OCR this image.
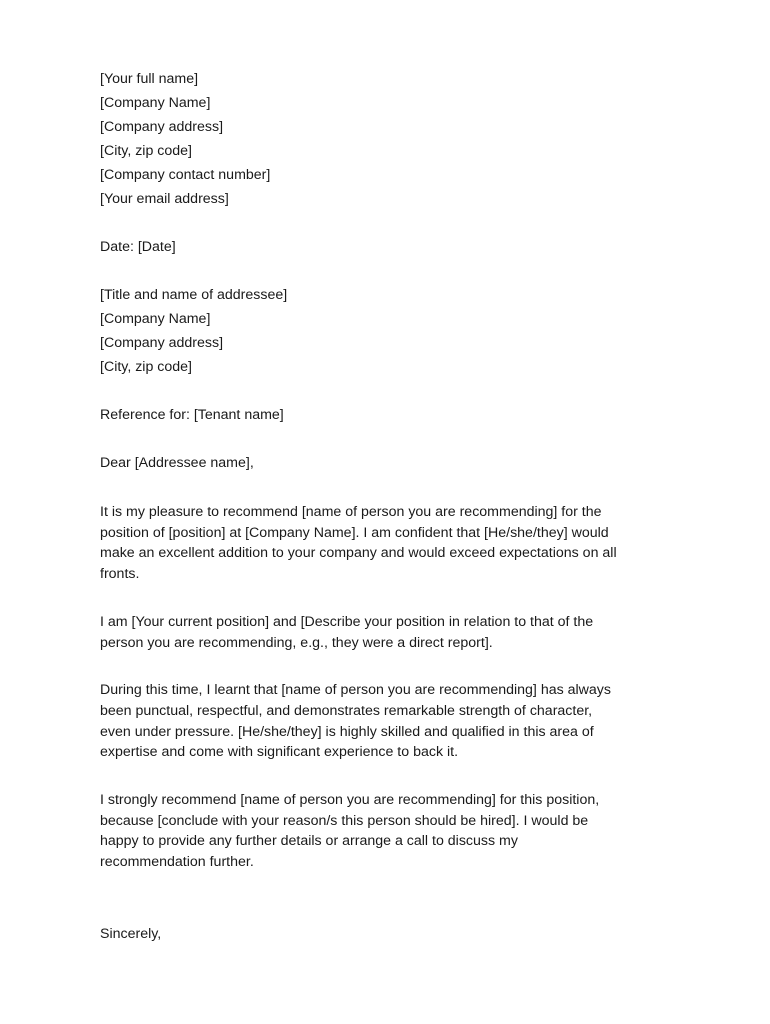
[Your full name]
[Company Name]
[Company address]
[City, zip code]
[Company contact number]
[Your email address]
Date: [Date]
[Title and name of addressee]
[Company Name]
[Company address]
[City, zip code]
Reference for: [Tenant name]
Dear [Addressee name],
It is my pleasure to recommend [name of person you are recommending] for the
position of [position] at [Company Name]. I am confident that [He/she/they] would
make an excellent addition to your company and would exceed expectations on all
fronts.
I am [Your current position] and [Describe your position in relation to that of the
person you are recommending, e.g., they were a direct report].
During this time, I learnt that [name of person you are recommending] has always
been punctual, respectful, and demonstrates remarkable strength of character,
even under pressure. [He/she/they] is highly skilled and qualified in this area of
expertise and come with significant experience to back it.
I strongly recommend [name of person you are recommending] for this position,
because [conclude with your reason/s this person should be hired]. I would be
happy to provide any further details or arrange a call to discuss my
recommendation further.
Sincerely,
